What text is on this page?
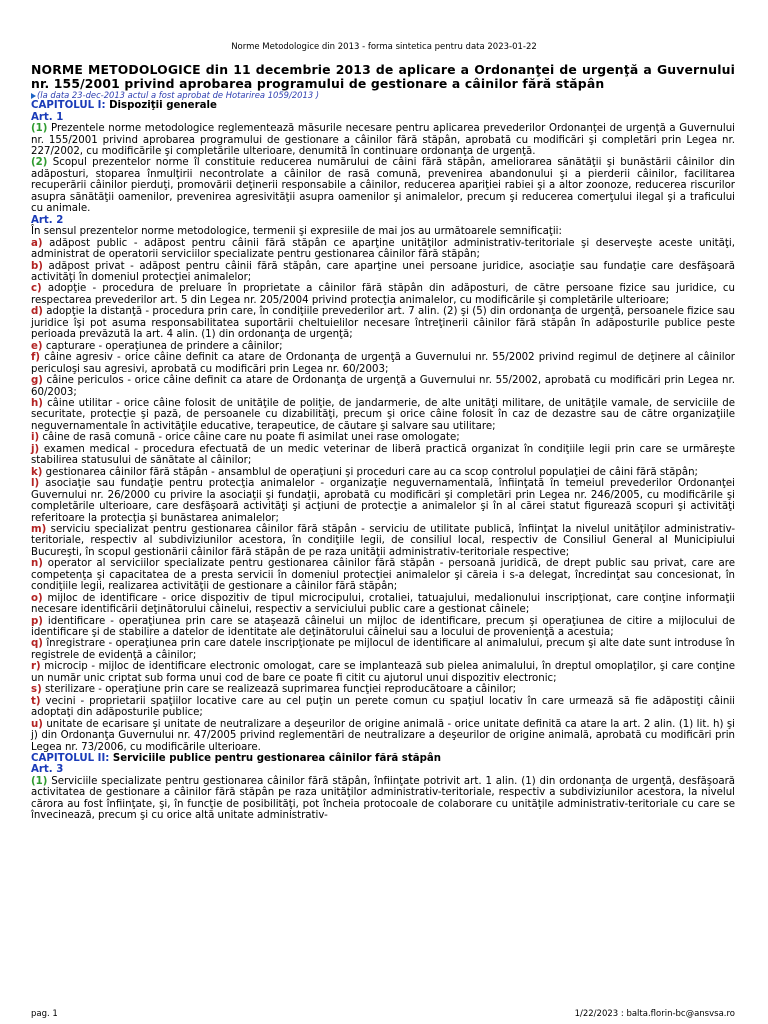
Norme Metodologice din 2013 - forma sintetica pentru data 2023-01-22
NORME METODOLOGICE din 11 decembrie 2013 de aplicare a Ordonanţei de urgenţă a Guvernului nr. 155/2001 privind aprobarea programului de gestionare a câinilor fără stăpân
(la data 23-dec-2013 actul a fost aprobat de Hotarirea 1059/2013 )
CAPITOLUL I: Dispoziţii generale
Art. 1
(1) Prezentele norme metodologice reglementează măsurile necesare pentru aplicarea prevederilor Ordonanţei de urgenţă a Guvernului nr. 155/2001 privind aprobarea programului de gestionare a câinilor fără stăpân, aprobată cu modificări şi completări prin Legea nr. 227/2002, cu modificările şi completările ulterioare, denumită în continuare ordonanţa de urgenţă.
(2) Scopul prezentelor norme îl constituie reducerea numărului de câini fără stăpân, ameliorarea sănătăţii şi bunăstării câinilor din adăposturi, stoparea înmulţirii necontrolate a câinilor de rasă comună, prevenirea abandonului şi a pierderii câinilor, facilitarea recuperării câinilor pierduţi, promovării deţinerii responsabile a câinilor, reducerea apariţiei rabiei şi a altor zoonoze, reducerea riscurilor asupra sănătăţii oamenilor, prevenirea agresivităţii asupra oamenilor şi animalelor, precum şi reducerea comerţului ilegal şi a traficului cu animale.
Art. 2
În sensul prezentelor norme metodologice, termenii şi expresiile de mai jos au următoarele semnificaţii:
a) adăpost public - adăpost pentru câinii fără stăpân ce aparţine unităţilor administrativ-teritoriale şi deserveşte aceste unităţi, administrat de operatorii serviciilor specializate pentru gestionarea câinilor fără stăpân;
b) adăpost privat - adăpost pentru câinii fără stăpân, care aparţine unei persoane juridice, asociaţie sau fundaţie care desfăşoară activităţi în domeniul protecţiei animalelor;
c) adopţie - procedura de preluare în proprietate a câinilor fără stăpân din adăposturi, de către persoane fizice sau juridice, cu respectarea prevederilor art. 5 din Legea nr. 205/2004 privind protecţia animalelor, cu modificările şi completările ulterioare;
d) adopţie la distanţă - procedura prin care, în condiţiile prevederilor art. 7 alin. (2) şi (5) din ordonanţa de urgenţă, persoanele fizice sau juridice îşi pot asuma responsabilitatea suportării cheltuielilor necesare întreţinerii câinilor fără stăpân în adăposturile publice peste perioada prevăzută la art. 4 alin. (1) din ordonanţa de urgenţă;
e) capturare - operaţiunea de prindere a câinilor;
f) câine agresiv - orice câine definit ca atare de Ordonanţa de urgenţă a Guvernului nr. 55/2002 privind regimul de deţinere al câinilor periculoşi sau agresivi, aprobată cu modificări prin Legea nr. 60/2003;
g) câine periculos - orice câine definit ca atare de Ordonanţa de urgenţă a Guvernului nr. 55/2002, aprobată cu modificări prin Legea nr. 60/2003;
h) câine utilitar - orice câine folosit de unităţile de poliţie, de jandarmerie, de alte unităţi militare, de unităţile vamale, de serviciile de securitate, protecţie şi pază, de persoanele cu dizabilităţi, precum şi orice câine folosit în caz de dezastre sau de către organizaţiile neguvernamentale în activităţile educative, terapeutice, de căutare şi salvare sau utilitare;
i) câine de rasă comună - orice câine care nu poate fi asimilat unei rase omologate;
j) examen medical - procedura efectuată de un medic veterinar de liberă practică organizat în condiţiile legii prin care se urmăreşte stabilirea statusului de sănătate al câinilor;
k) gestionarea câinilor fără stăpân - ansamblul de operaţiuni şi proceduri care au ca scop controlul populaţiei de câini fără stăpân;
l) asociaţie sau fundaţie pentru protecţia animalelor - organizaţie neguvernamentală, înfiinţată în temeiul prevederilor Ordonanţei Guvernului nr. 26/2000 cu privire la asociaţii şi fundaţii, aprobată cu modificări şi completări prin Legea nr. 246/2005, cu modificările şi completările ulterioare, care desfăşoară activităţi şi acţiuni de protecţie a animalelor şi în al cărei statut figurează scopuri şi activităţi referitoare la protecţia şi bunăstarea animalelor;
m) serviciu specializat pentru gestionarea câinilor fără stăpân - serviciu de utilitate publică, înfiinţat la nivelul unităţilor administrativ-teritoriale, respectiv al subdiviziunilor acestora, în condiţiile legii, de consiliul local, respectiv de Consiliul General al Municipiului Bucureşti, în scopul gestionării câinilor fără stăpân de pe raza unităţii administrativ-teritoriale respective;
n) operator al serviciilor specializate pentru gestionarea câinilor fără stăpân - persoană juridică, de drept public sau privat, care are competenţa şi capacitatea de a presta servicii în domeniul protecţiei animalelor şi căreia i s-a delegat, încredinţat sau concesionat, în condiţiile legii, realizarea activităţii de gestionare a câinilor fără stăpân;
o) mijloc de identificare - orice dispozitiv de tipul microcipului, crotaliei, tatuajului, medalionului inscripţionat, care conţine informaţii necesare identificării deţinătorului câinelui, respectiv a serviciului public care a gestionat câinele;
p) identificare - operaţiunea prin care se ataşează câinelui un mijloc de identificare, precum şi operaţiunea de citire a mijlocului de identificare şi de stabilire a datelor de identitate ale deţinătorului câinelui sau a locului de provenienţă a acestuia;
q) înregistrare - operaţiunea prin care datele inscripţionate pe mijlocul de identificare al animalului, precum şi alte date sunt introduse în registrele de evidenţă a câinilor;
r) microcip - mijloc de identificare electronic omologat, care se implantează sub pielea animalului, în dreptul omoplaţilor, şi care conţine un număr unic criptat sub forma unui cod de bare ce poate fi citit cu ajutorul unui dispozitiv electronic;
s) sterilizare - operaţiune prin care se realizează suprimarea funcţiei reproducătoare a câinilor;
t) vecini - proprietarii spaţiilor locative care au cel puţin un perete comun cu spaţiul locativ în care urmează să fie adăpostiţi câinii adoptaţi din adăposturile publice;
u) unitate de ecarisare şi unitate de neutralizare a deşeurilor de origine animală - orice unitate definită ca atare la art. 2 alin. (1) lit. h) şi j) din Ordonanţa Guvernului nr. 47/2005 privind reglementări de neutralizare a deşeurilor de origine animală, aprobată cu modificări prin Legea nr. 73/2006, cu modificările ulterioare.
CAPITOLUL II: Serviciile publice pentru gestionarea câinilor fără stăpân
Art. 3
(1) Serviciile specializate pentru gestionarea câinilor fără stăpân, înfiinţate potrivit art. 1 alin. (1) din ordonanţa de urgenţă, desfăşoară activitatea de gestionare a câinilor fără stăpân pe raza unităţilor administrativ-teritoriale, respectiv a subdiviziunilor acestora, la nivelul cărora au fost înfiinţate, şi, în funcţie de posibilităţi, pot încheia protocoale de colaborare cu unităţile administrativ-teritoriale cu care se învecinează, precum şi cu orice altă unitate administrativ-
pag. 1	1/22/2023 : balta.florin-bc@ansvsa.ro
